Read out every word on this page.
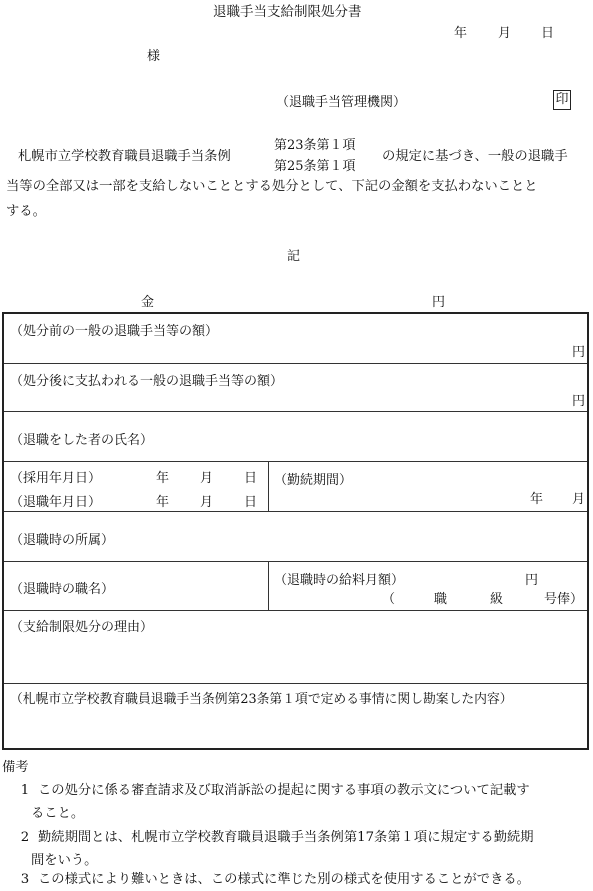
退職手当支給制限処分書
年 月 日
様
（退職手当管理機関）	印
札幌市立学校教育職員退職手当条例
第23条第１項
第25条第１項
の規定に基づき、一般の退職手
当等の全部又は一部を支給しないこととする処分として、下記の金額を支払わないことと
する。
記
金	円
（処分前の一般の退職手当等の額）
円
（処分後に支払われる一般の退職手当等の額）
円
（退職をした者の氏名）
（採用年月日）	年 月 日
（退職年月日）	年 月 日
（勤続期間）
年 月
（退職時の所属）
（退職時の職名）
（退職時の給料月額）	円
（	職	級	号俸）
（支給制限処分の理由）
（札幌市立学校教育職員退職手当条例第23条第１項で定める事情に関し勘案した内容）
備考
1 この処分に係る審査請求及び取消訴訟の提起に関する事項の教示文について記載す
ること。
2 勤続期間とは、札幌市立学校教育職員退職手当条例第17条第１項に規定する勤続期
間をいう。
3 この様式により難いときは、この様式に準じた別の様式を使用することができる。
